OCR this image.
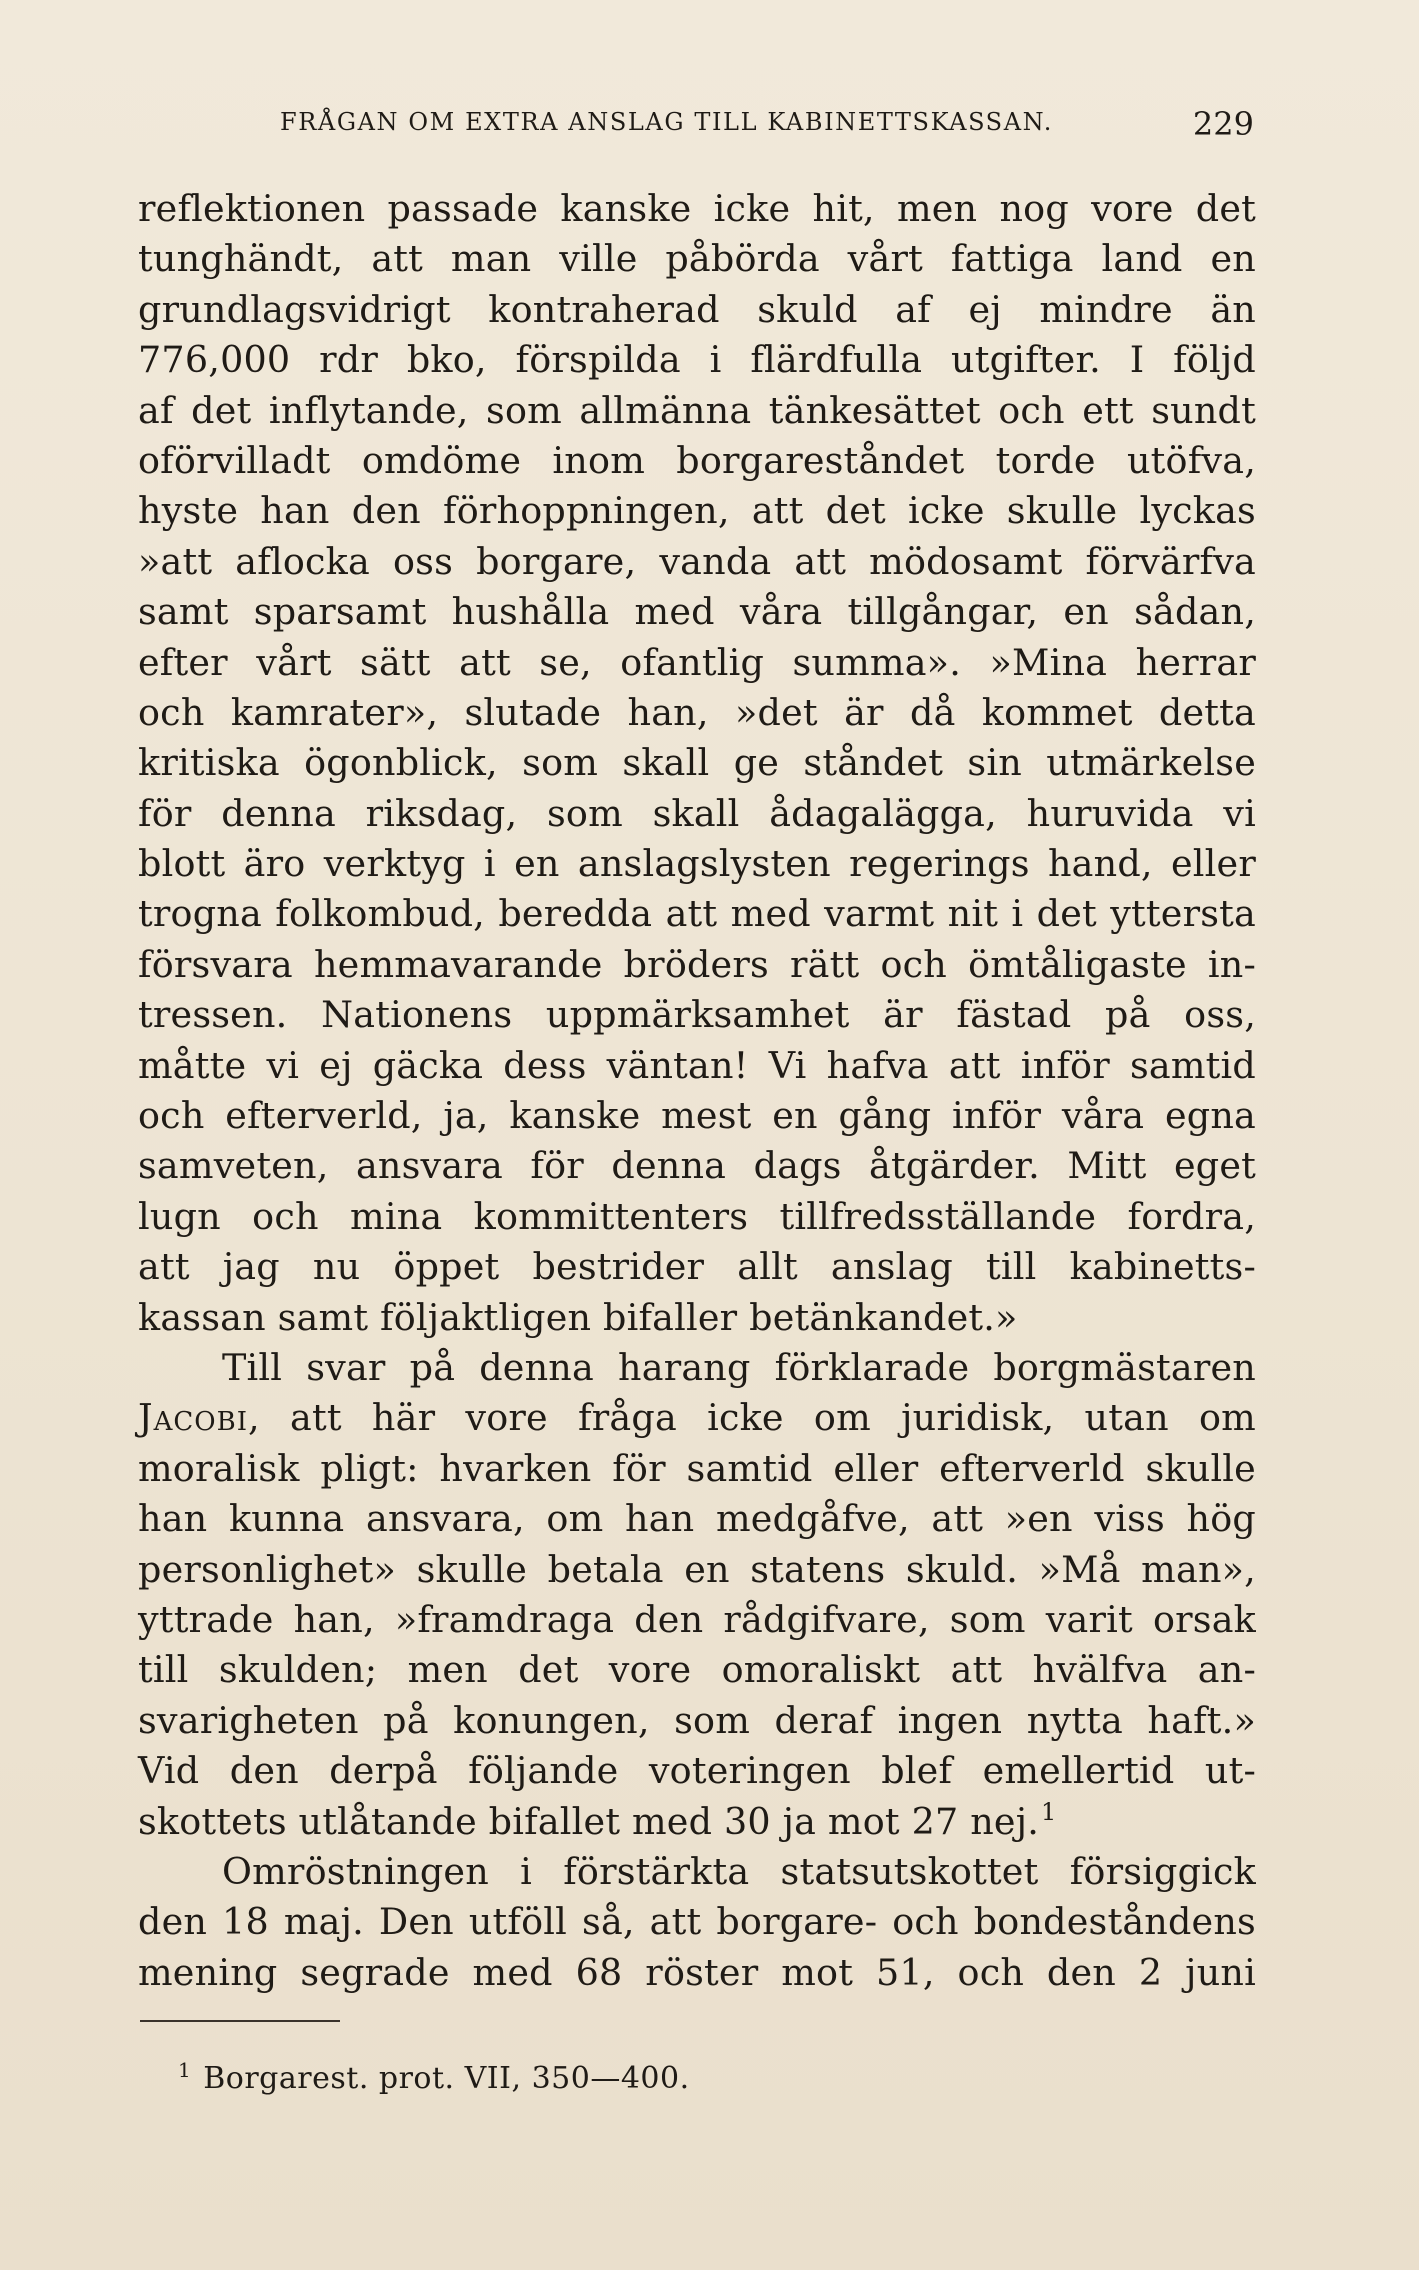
FRÅGAN OM EXTRA ANSLAG TILL KABINETTSKASSAN.	229
reflektionen passade kanske icke hit, men nog vore det
tunghändt, att man ville påbörda vårt fattiga land en
grundlagsvidrigt kontraherad skuld af ej mindre än
776,000 rdr bko, förspilda i flärdfulla utgifter. I följd
af det inflytande, som allmänna tänkesättet och ett sundt
oförvilladt omdöme inom borgareståndet torde utöfva,
hyste han den förhoppningen, att det icke skulle lyckas
»att aflocka oss borgare, vanda att mödosamt förvärfva
samt sparsamt hushålla med våra tillgångar, en sådan,
efter vårt sätt att se, ofantlig summa». »Mina herrar
och kamrater», slutade han, »det är då kommet detta
kritiska ögonblick, som skall ge ståndet sin utmärkelse
för denna riksdag, som skall ådagalägga, huruvida vi
blott äro verktyg i en anslagslysten regerings hand, eller
trogna folkombud, beredda att med varmt nit i det yttersta
försvara hemmavarande bröders rätt och ömtåligaste in-
tressen. Nationens uppmärksamhet är fästad på oss,
måtte vi ej gäcka dess väntan! Vi hafva att inför samtid
och efterverld, ja, kanske mest en gång inför våra egna
samveten, ansvara för denna dags åtgärder. Mitt eget
lugn och mina kommittenters tillfredsställande fordra,
att jag nu öppet bestrider allt anslag till kabinetts-
kassan samt följaktligen bifaller betänkandet.»
Till svar på denna harang förklarade borgmästaren
Jacobi, att här vore fråga icke om juridisk, utan om
moralisk pligt: hvarken för samtid eller efterverld skulle
han kunna ansvara, om han medgåfve, att »en viss hög
personlighet» skulle betala en statens skuld. »Må man»,
yttrade han, »framdraga den rådgifvare, som varit orsak
till skulden; men det vore omoraliskt att hvälfva an-
svarigheten på konungen, som deraf ingen nytta haft.»
Vid den derpå följande voteringen blef emellertid ut-
skottets utlåtande bifallet med 30 ja mot 27 nej.$^1$
Omröstningen i förstärkta statsutskottet försiggick
den 18 maj. Den utföll så, att borgare- och bondeståndens
mening segrade med 68 röster mot 51, och den 2 juni
$^1$ Borgarest. prot. VII, 350—400.
